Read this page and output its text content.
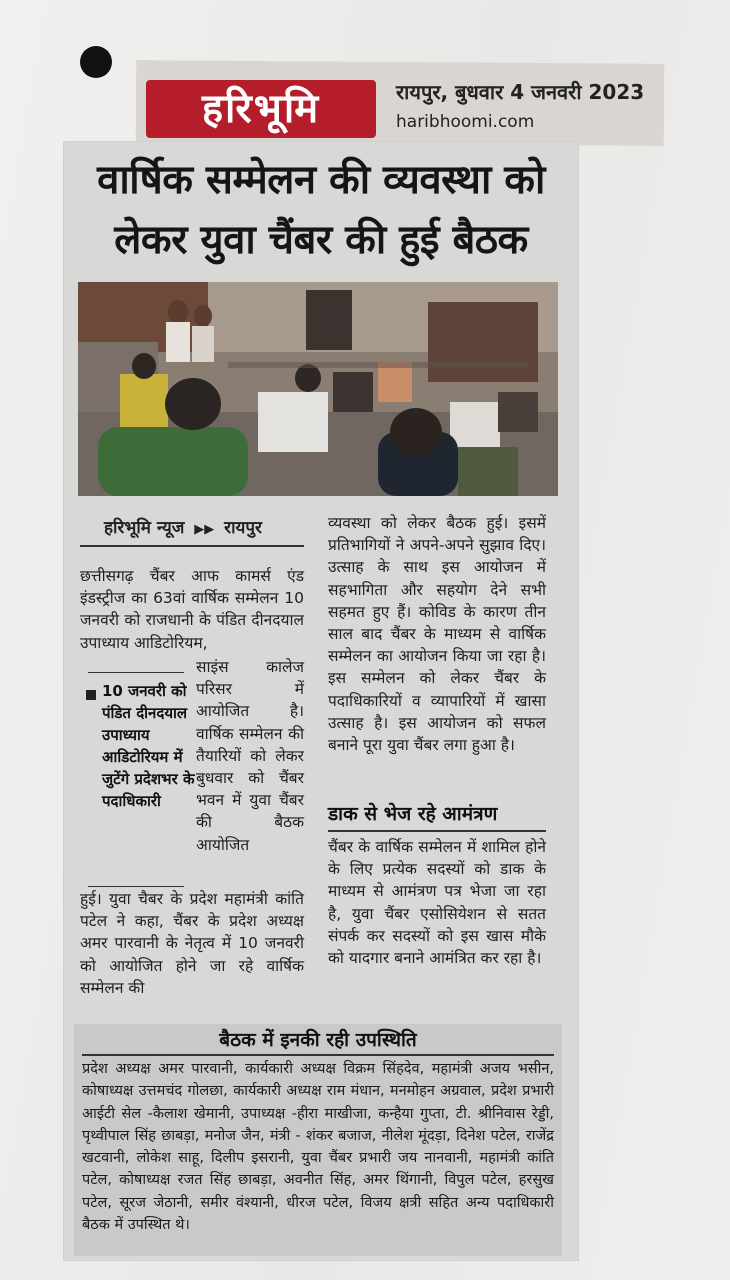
हरिभूमि	रायपुर, बुधवार 4 जनवरी 2023
haribhoomi.com
वार्षिक सम्मेलन की व्यवस्था को
लेकर युवा चैंबर की हुई बैठक
हरिभूमि न्यूज ▶▶ रायपुर

छत्तीसगढ़ चैंबर आफ कामर्स एंड इंडस्ट्रीज का 63वां वार्षिक सम्मेलन 10 जनवरी को राजधानी के पंडित दीनदयाल उपाध्याय आडिटोरियम,

10 जनवरी को पंडित दीनदयाल उपाध्याय आडिटोरियम में जुटेंगे प्रदेशभर के पदाधिकारी

साइंस कालेज परिसर में आयोजित है। वार्षिक सम्मेलन की तैयारियों को लेकर बुधवार को चैंबर भवन में युवा चैंबर की बैठक आयोजित

हुई। युवा चैबर के प्रदेश महामंत्री कांति पटेल ने कहा, चैंबर के प्रदेश अध्यक्ष अमर पारवानी के नेतृत्व में 10 जनवरी को आयोजित होने जा रहे वार्षिक सम्मेलन की

व्यवस्था को लेकर बैठक हुई। इसमें प्रतिभागियों ने अपने-अपने सुझाव दिए। उत्साह के साथ इस आयोजन में सहभागिता और सहयोग देने सभी सहमत हुए हैं। कोविड के कारण तीन साल बाद चैंबर के माध्यम से वार्षिक सम्मेलन का आयोजन किया जा रहा है। इस सम्मेलन को लेकर चैंबर के पदाधिकारियों व व्यापारियों में खासा उत्साह है। इस आयोजन को सफल बनाने पूरा युवा चैंबर लगा हुआ है।

डाक से भेज रहे आमंत्रण

चैंबर के वार्षिक सम्मेलन में शामिल होने के लिए प्रत्येक सदस्यों को डाक के माध्यम से आमंत्रण पत्र भेजा जा रहा है, युवा चैंबर एसोसियेशन से सतत संपर्क कर सदस्यों को इस खास मौके को यादगार बनाने आमंत्रित कर रहा है।

बैठक में इनकी रही उपस्थिति

प्रदेश अध्यक्ष अमर पारवानी, कार्यकारी अध्यक्ष विक्रम सिंहदेव, महामंत्री अजय भसीन, कोषाध्यक्ष उत्तमचंद गोलछा, कार्यकारी अध्यक्ष राम मंधान, मनमोहन अग्रवाल, प्रदेश प्रभारी आईटी सेल -कैलाश खेमानी, उपाध्यक्ष -हीरा माखीजा, कन्हैया गुप्ता, टी. श्रीनिवास रेड्डी, पृथ्वीपाल सिंह छाबड़ा, मनोज जैन, मंत्री - शंकर बजाज, नीलेश मूंदड़ा, दिनेश पटेल, राजेंद्र खटवानी, लोकेश साहू, दिलीप इसरानी, युवा चैंबर प्रभारी जय नानवानी, महामंत्री कांति पटेल, कोषाध्यक्ष रजत सिंह छाबड़ा, अवनीत सिंह, अमर थिंगानी, विपुल पटेल, हरसुख पटेल, सूरज जेठानी, समीर वंश्यानी, धीरज पटेल, विजय क्षत्री सहित अन्य पदाधिकारी बैठक में उपस्थित थे।
